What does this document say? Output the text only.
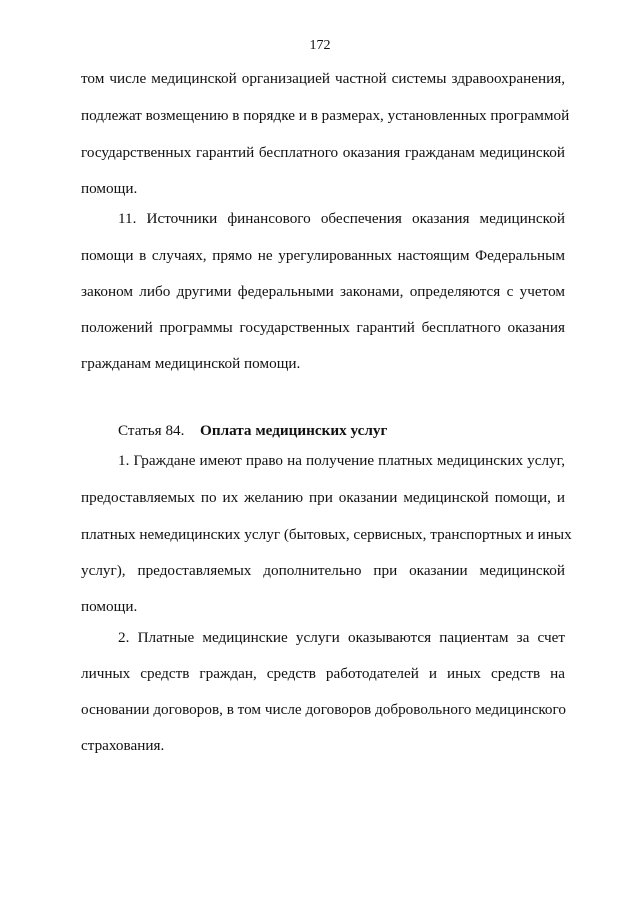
172
том числе медицинской организацией частной системы здравоохранения,
подлежат возмещению в порядке и в размерах, установленных программой
государственных гарантий бесплатного оказания гражданам медицинской
помощи.
11. Источники финансового обеспечения оказания медицинской
помощи в случаях, прямо не урегулированных настоящим Федеральным
законом либо другими федеральными законами, определяются с учетом
положений программы государственных гарантий бесплатного оказания
гражданам медицинской помощи.
Статья 84. Оплата медицинских услуг
1. Граждане имеют право на получение платных медицинских услуг,
предоставляемых по их желанию при оказании медицинской помощи, и
платных немедицинских услуг (бытовых, сервисных, транспортных и иных
услуг), предоставляемых дополнительно при оказании медицинской
помощи.
2. Платные медицинские услуги оказываются пациентам за счет
личных средств граждан, средств работодателей и иных средств на
основании договоров, в том числе договоров добровольного медицинского
страхования.
